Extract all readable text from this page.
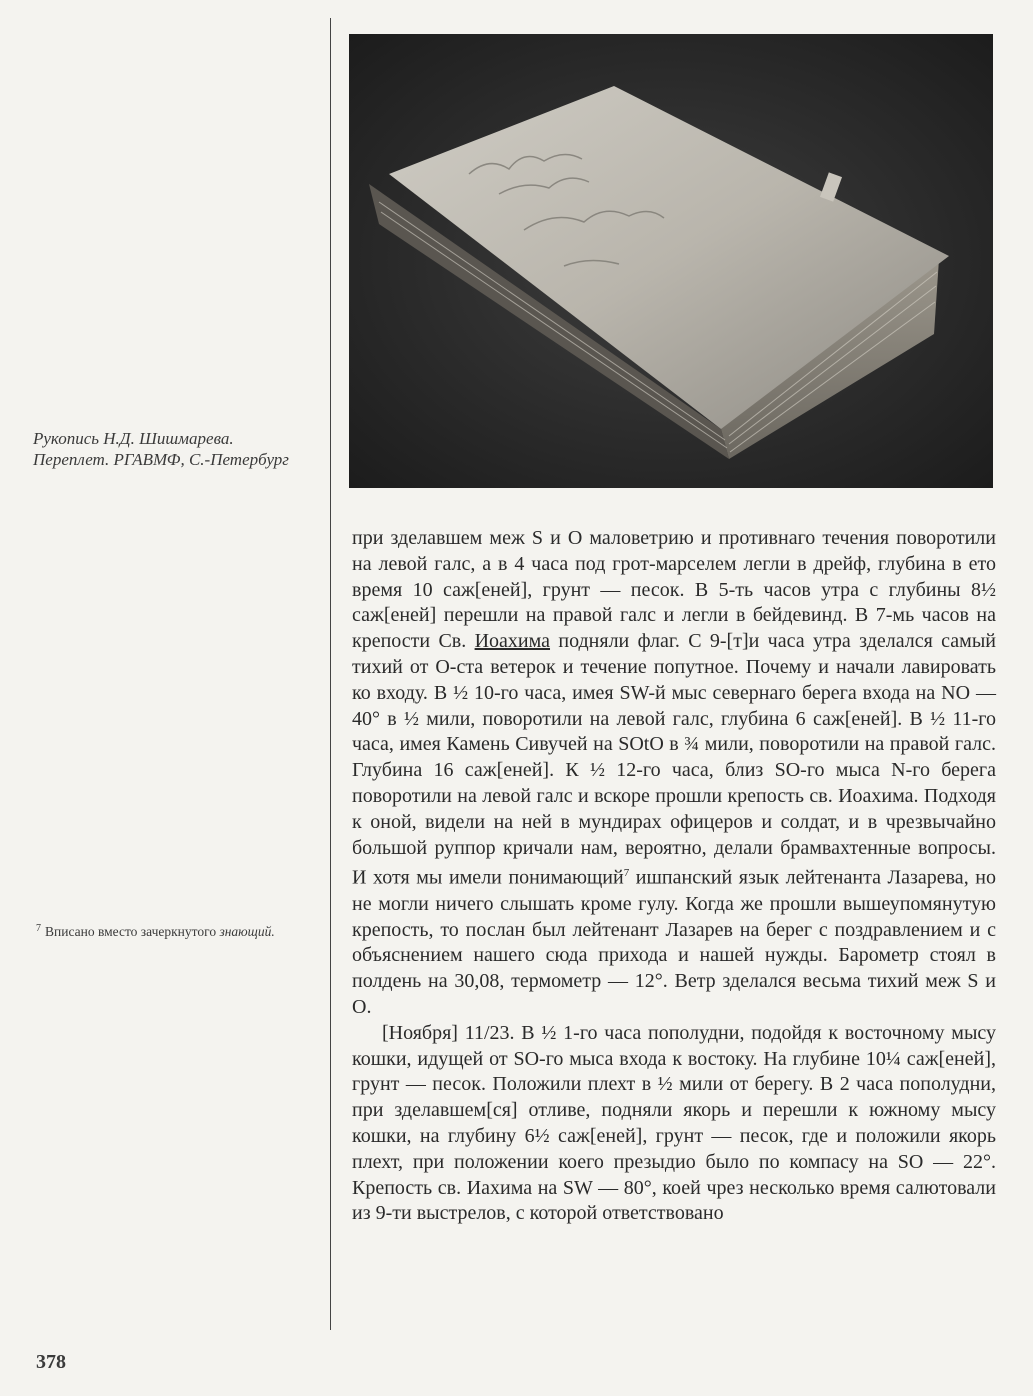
Рукопись Н.Д. Шишмарева. Переплет. РГАВМФ, С.-Петербург
$^7$ Вписано вместо зачеркнутого знающий.

при зделавшем меж S и O маловетрию и противнаго течения поворотили на левой галс, а в 4 часа под грот-марселем легли в дрейф, глубина в ето время 10 саж[еней], грунт — песок. В 5-ть часов утра с глубины 8½ саж[еней] перешли на правой галс и легли в бейдевинд. В 7-мь часов на крепости Св. Иоахима подняли флаг. С 9-[т]и часа утра зделался самый тихий от O-ста ветерок и течение попутное. Почему и начали лавировать ко входу. В ½ 10-го часа, имея SW-й мыс севернаго берега входа на NO — 40° в ½ мили, поворотили на левой галс, глубина 6 саж[еней]. В ½ 11-го часа, имея Камень Сивучей на SOtO в ¾ мили, поворотили на правой галс. Глубина 16 саж[еней]. К ½ 12-го часа, близ SO-го мыса N-го берега поворотили на левой галс и вскоре прошли крепость св. Иоахима. Подходя к оной, видели на ней в мундирах офицеров и солдат, и в чрезвычайно большой руппор кричали нам, вероятно, делали брамвахтенные вопросы. И хотя мы имели понимающий$^7$ ишпанский язык лейтенанта Лазарева, но не могли ничего слышать кроме гулу. Когда же прошли вышеупомянутую крепость, то послан был лейтенант Лазарев на берег с поздравлением и с объяснением нашего сюда прихода и нашей нужды. Барометр стоял в полдень на 30,08, термометр — 12°. Ветр зделался весьма тихий меж S и O.

[Ноября] 11/23. В ½ 1-го часа пополудни, подойдя к восточному мысу кошки, идущей от SO-го мыса входа к востоку. На глубине 10¼ саж[еней], грунт — песок. Положили плехт в ½ мили от берегу. В 2 часа пополудни, при зделавшем[ся] отливе, подняли якорь и перешли к южному мысу кошки, на глубину 6½ саж[еней], грунт — песок, где и положили якорь плехт, при положении коего презыдио было по компасу на SO — 22°. Крепость св. Иахима на SW — 80°, коей чрез несколько время салютовали из 9-ти выстрелов, с которой ответствовано

378
